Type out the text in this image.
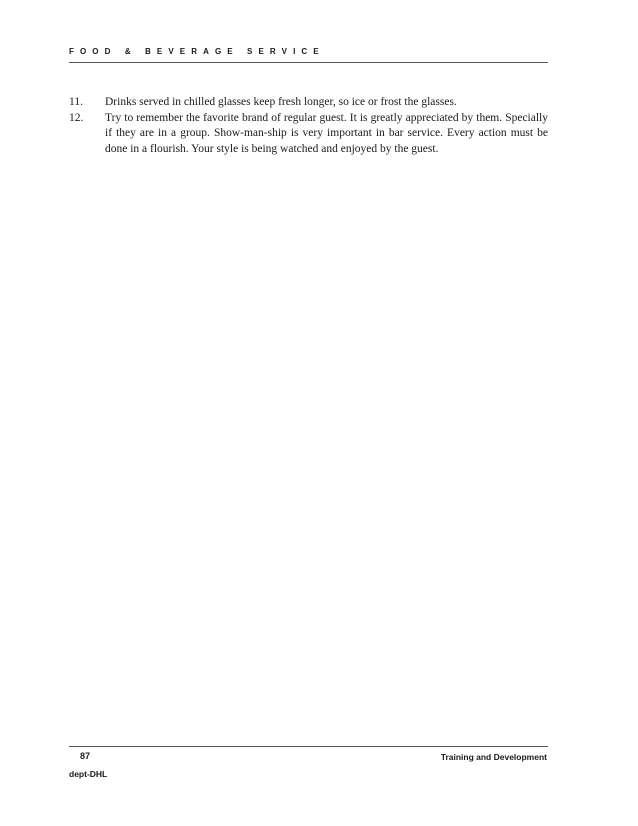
FOOD & BEVERAGE SERVICE
11.	Drinks served in chilled glasses keep fresh longer, so ice or frost the glasses.
12.	Try to remember the favorite brand of regular guest. It is greatly appreciated by them. Specially if they are in a group. Show-man-ship is very important in bar service. Every action must be done in a flourish. Your style is being watched and enjoyed by the guest.
87	Training and Development
dept-DHL
